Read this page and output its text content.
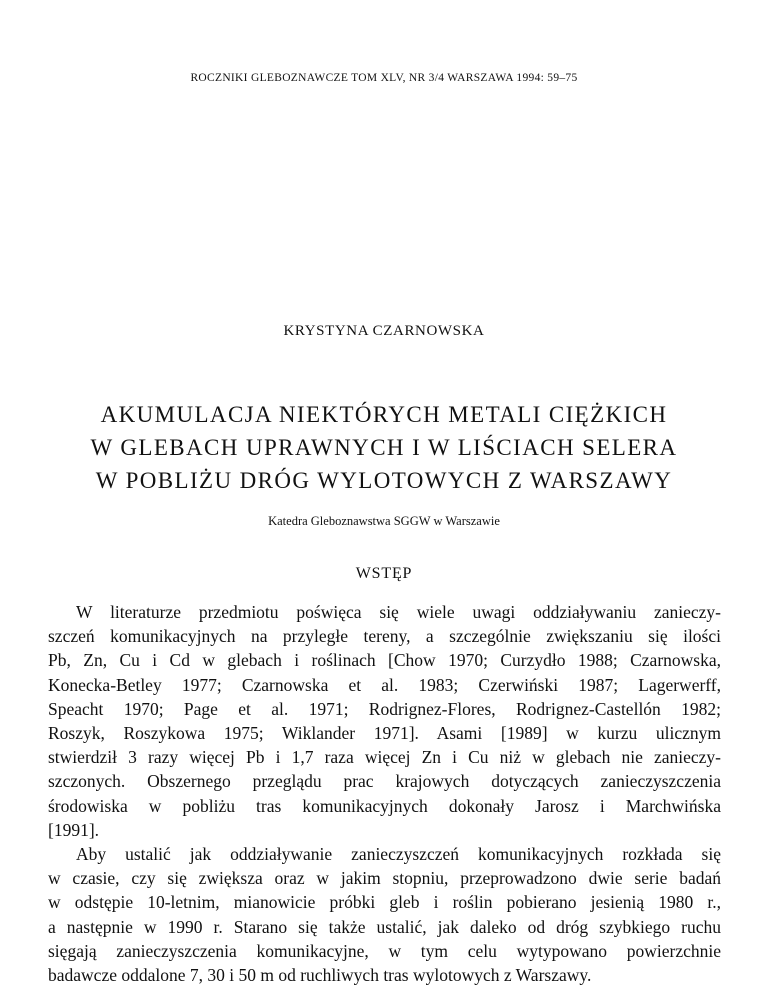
ROCZNIKI GLEBOZNAWCZE TOM XLV, NR 3/4 WARSZAWA 1994: 59–75
KRYSTYNA CZARNOWSKA
AKUMULACJA NIEKTÓRYCH METALI CIĘŻKICH
W GLEBACH UPRAWNYCH I W LIŚCIACH SELERA
W POBLIŻU DRÓG WYLOTOWYCH Z WARSZAWY
Katedra Gleboznawstwa SGGW w Warszawie
WSTĘP
W literaturze przedmiotu poświęca się wiele uwagi oddziaływaniu zanieczy-
szczeń komunikacyjnych na przyległe tereny, a szczególnie zwiększaniu się ilości
Pb, Zn, Cu i Cd w glebach i roślinach [Chow 1970; Curzydło 1988; Czarnowska,
Konecka-Betley 1977; Czarnowska et al. 1983; Czerwiński 1987; Lagerwerff,
Speacht 1970; Page et al. 1971; Rodrignez-Flores, Rodrignez-Castellón 1982;
Roszyk, Roszykowa 1975; Wiklander 1971]. Asami [1989] w kurzu ulicznym
stwierdził 3 razy więcej Pb i 1,7 raza więcej Zn i Cu niż w glebach nie zanieczy-
szczonych. Obszernego przeglądu prac krajowych dotyczących zanieczyszczenia
środowiska w pobliżu tras komunikacyjnych dokonały Jarosz i Marchwińska
[1991].
Aby ustalić jak oddziaływanie zanieczyszczeń komunikacyjnych rozkłada się
w czasie, czy się zwiększa oraz w jakim stopniu, przeprowadzono dwie serie badań
w odstępie 10-letnim, mianowicie próbki gleb i roślin pobierano jesienią 1980 r.,
a następnie w 1990 r. Starano się także ustalić, jak daleko od dróg szybkiego ruchu
sięgają zanieczyszczenia komunikacyjne, w tym celu wytypowano powierzchnie
badawcze oddalone 7, 30 i 50 m od ruchliwych tras wylotowych z Warszawy.
